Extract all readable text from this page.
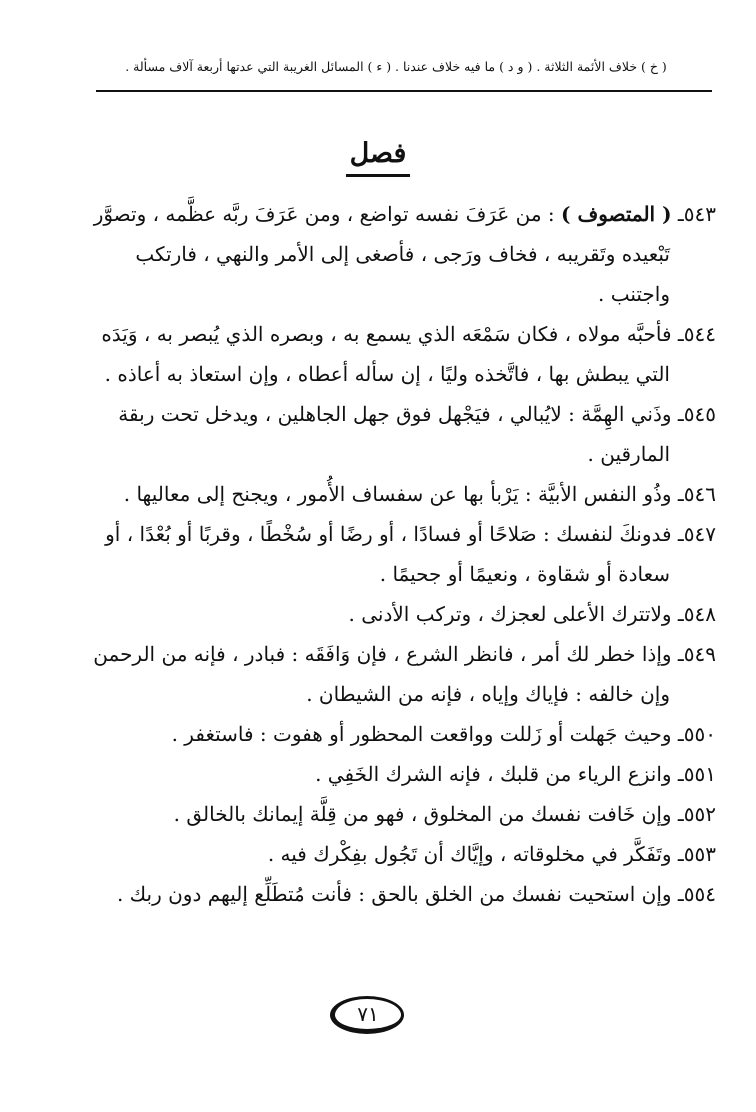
( خ ) خلاف الأئمة الثلاثة . ( و د ) ما فيه خلاف عندنا . ( ء ) المسائل الغريبة التي عدتها أربعة آلاف مسألة .
فصل

٥٤٣ـ ( المتصوف ) : من عَرَفَ نفسه تواضع ، ومن عَرَفَ ربَّه عظَّمه ، وتصوَّر تَبْعيده وتَقريبه ، فخاف ورَجى ، فأصغى إلى الأمر والنهي ، فارتكب واجتنب .

٥٤٤ـ فأحبَّه مولاه ، فكان سَمْعَه الذي يسمع به ، وبصره الذي يُبصر به ، وَيَدَه التي يبطش بها ، فاتَّخذه وليًا ، إن سأله أعطاه ، وإن استعاذ به أعاذه .

٥٤٥ـ وذَني الهِمَّة : لايُبالي ، فيَجْهل فوق جهل الجاهلين ، ويدخل تحت ربقة المارقين .

٥٤٦ـ وذُو النفس الأبيَّة : يَرْبأ بها عن سفساف الأُمور ، ويجنح إلى معاليها .

٥٤٧ـ فدونكَ لنفسك : صَلاحًا أو فسادًا ، أو رضًا أو سُخْطًا ، وقربًا أو بُعْدًا ، أو سعادة أو شقاوة ، ونعيمًا أو جحيمًا .

٥٤٨ـ ولاتترك الأعلى لعجزك ، وتركب الأدنى .

٥٤٩ـ وإذا خطر لك أمر ، فانظر الشرع ، فإن وَافَقَه : فبادر ، فإنه من الرحمن وإن خالفه : فإياك وإياه ، فإنه من الشيطان .

٥٥٠ـ وحيث جَهلت أو زَللت وواقعت المحظور أو هفوت : فاستغفر .

٥٥١ـ وانزع الرياء من قلبك ، فإنه الشرك الخَفِي .

٥٥٢ـ وإن خَافت نفسك من المخلوق ، فهو من قِلَّة إيمانك بالخالق .

٥٥٣ـ وتَفَكَّر في مخلوقاته ، وإيَّاك أن تَجُول بفِكْرك فيه .

٥٥٤ـ وإن استحيت نفسك من الخلق بالحق : فأنت مُتطَلِّع إليهم دون ربك .

٧١
